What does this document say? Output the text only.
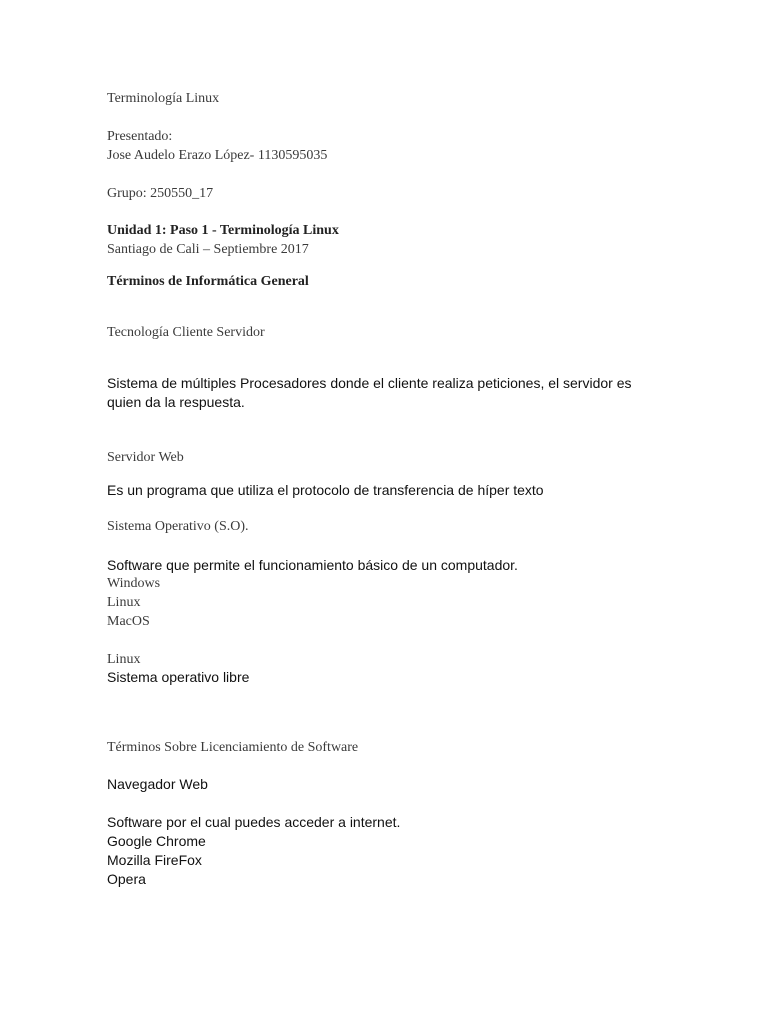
Terminología Linux
Presentado:
Jose Audelo Erazo López- 1130595035
Grupo: 250550_17
Unidad 1: Paso 1 - Terminología Linux
Santiago de Cali – Septiembre 2017
Términos de Informática General
Tecnología Cliente Servidor
Sistema de múltiples Procesadores donde el cliente realiza peticiones, el servidor es
quien da la respuesta.
Servidor Web
Es un programa que utiliza el protocolo de transferencia de híper texto
Sistema Operativo (S.O).
Software que permite el funcionamiento básico de un computador.
Windows
Linux
MacOS
Linux
Sistema operativo libre
Términos Sobre Licenciamiento de Software
Navegador Web
Software por el cual puedes acceder a internet.
Google Chrome
Mozilla FireFox
Opera
